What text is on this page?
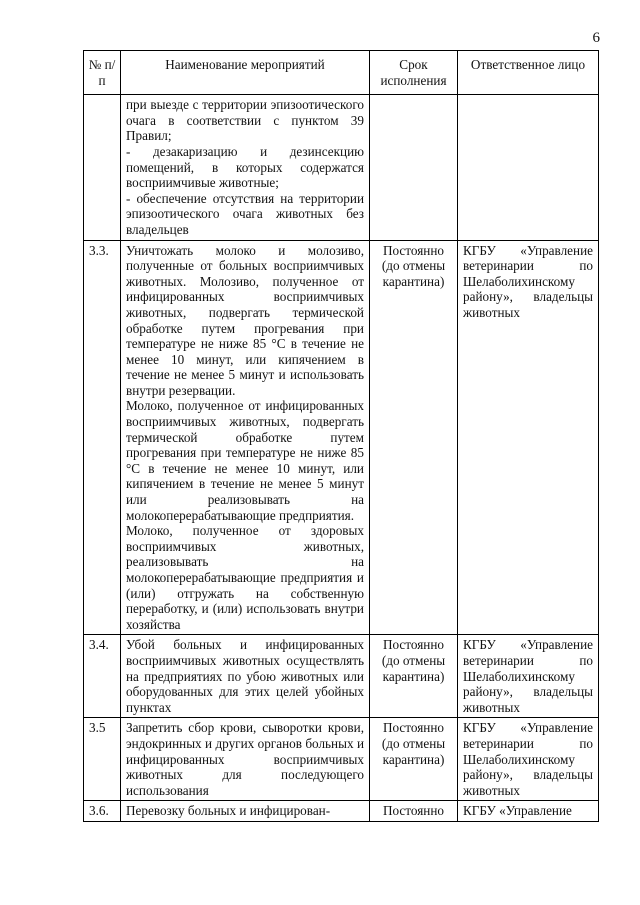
6
№ п/п	Наименование мероприятий	Срок исполнения	Ответственное лицо

	при выезде с территории эпизоотического очага в соответствии с пунктом 39 Правил;

- дезакаризацию и дезинсекцию помещений, в которых содержатся восприимчивые животные;

- обеспечение отсутствия на территории эпизоотического очага животных без владельцев		

3.3.	Уничтожать молоко и молозиво, полученные от больных восприимчивых животных. Молозиво, полученное от инфицированных восприимчивых животных, подвергать термической обработке путем прогревания при температуре не ниже 85 °С в течение не менее 10 минут, или кипячением в течение не менее 5 минут и использовать внутри резервации.

Молоко, полученное от инфицированных восприимчивых животных, подвергать термической обработке путем прогревания при температуре не ниже 85 °С в течение не менее 10 минут, или кипячением в течение не менее 5 минут или реализовывать на молокоперерабатывающие предприятия.

Молоко, полученное от здоровых восприимчивых животных, реализовывать на молокоперерабатывающие предприятия и (или) отгружать на собственную переработку, и (или) использовать внутри хозяйства	Постоянно (до отмены карантина)	КГБУ «Управление ветеринарии по Шелаболихинскому району», владельцы животных
3.4.	Убой больных и инфицированных восприимчивых животных осуществлять на предприятиях по убою животных или оборудованных для этих целей убойных пунктах	Постоянно (до отмены карантина)	КГБУ «Управление ветеринарии по Шелаболихинскому району», владельцы животных
3.5	Запретить сбор крови, сыворотки крови, эндокринных и других органов больных и инфицированных восприимчивых животных для последующего использования	Постоянно (до отмены карантина)	КГБУ «Управление ветеринарии по Шелаболихинскому району», владельцы животных
3.6.	Перевозку больных и инфицирован-	Постоянно	КГБУ «Управление
